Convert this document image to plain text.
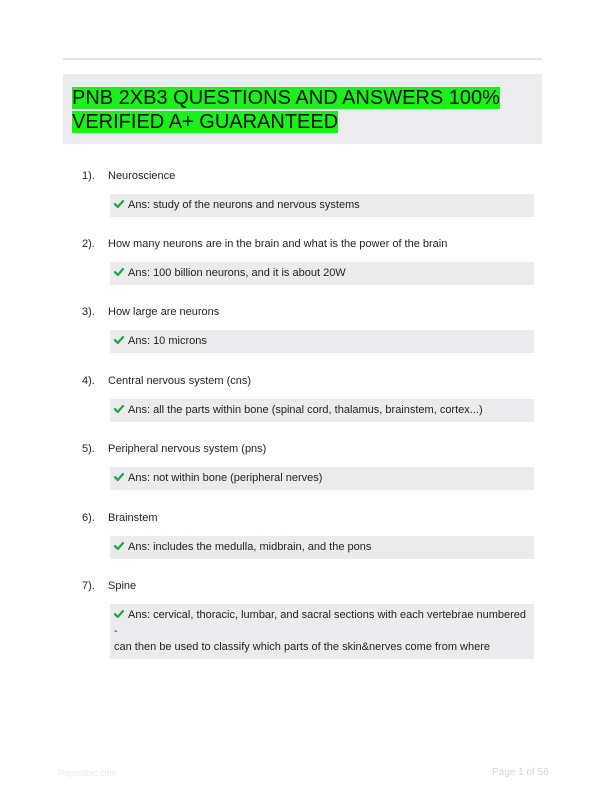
PNB 2XB3 QUESTIONS AND ANSWERS 100%
VERIFIED A+ GUARANTEED
1). Neuroscience
Ans: study of the neurons and nervous systems
2). How many neurons are in the brain and what is the power of the brain
Ans: 100 billion neurons, and it is about 20W
3). How large are neurons
Ans: 10 microns
4). Central nervous system (cns)
Ans: all the parts within bone (spinal cord, thalamus, brainstem, cortex...)
5). Peripheral nervous system (pns)
Ans: not within bone (peripheral nerves)
6). Brainstem
Ans: includes the medulla, midbrain, and the pons
7). Spine
Ans: cervical, thoracic, lumbar, and sacral sections with each vertebrae numbered -
can then be used to classify which parts of the skin&nerves come from where
Paperlibic.com	Page 1 of 56
